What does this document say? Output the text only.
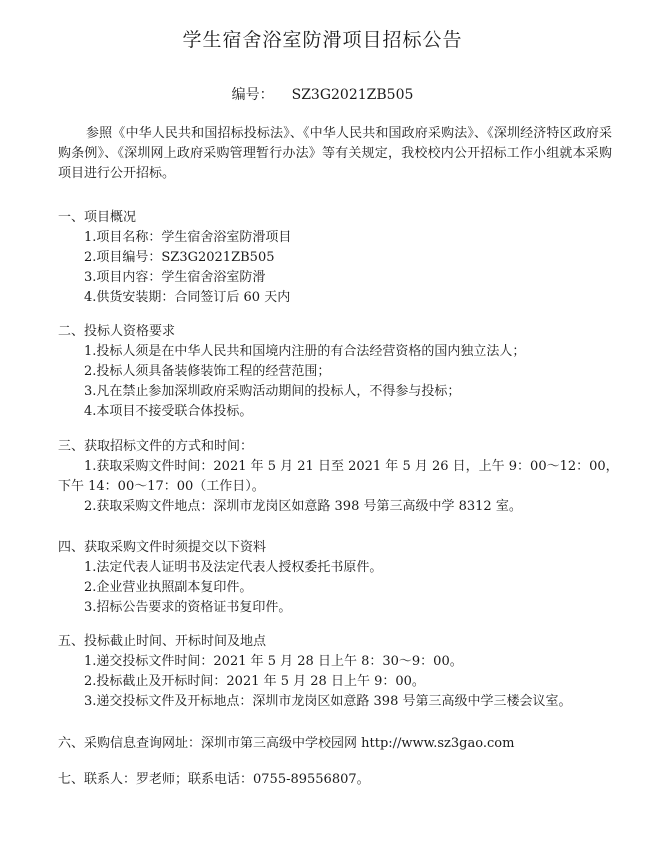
学生宿舍浴室防滑项目招标公告
编号： SZ3G2021ZB505

参照《中华人民共和国招标投标法》、《中华人民共和国政府采购法》、《深圳经济特区政府采购条例》、《深圳网上政府采购管理暂行办法》等有关规定，我校校内公开招标工作小组就本采购项目进行公开招标。

一、项目概况
1.项目名称：学生宿舍浴室防滑项目
2.项目编号：SZ3G2021ZB505
3.项目内容：学生宿舍浴室防滑
4.供货安装期：合同签订后 60 天内
二、投标人资格要求
1.投标人须是在中华人民共和国境内注册的有合法经营资格的国内独立法人；
2.投标人须具备装修装饰工程的经营范围；
3.凡在禁止参加深圳政府采购活动期间的投标人，不得参与投标；
4.本项目不接受联合体投标。
三、获取招标文件的方式和时间：
1.获取采购文件时间：2021 年 5 月 21 日至 2021 年 5 月 26 日，上午 9：00～12：00，
下午 14：00～17：00（工作日）。
2.获取采购文件地点：深圳市龙岗区如意路 398 号第三高级中学 8312 室。
四、获取采购文件时须提交以下资料
1.法定代表人证明书及法定代表人授权委托书原件。
2.企业营业执照副本复印件。
3.招标公告要求的资格证书复印件。
五、投标截止时间、开标时间及地点
1.递交投标文件时间：2021 年 5 月 28 日上午 8：30～9：00。
2.投标截止及开标时间：2021 年 5 月 28 日上午 9：00。
3.递交投标文件及开标地点：深圳市龙岗区如意路 398 号第三高级中学三楼会议室。
六、采购信息查询网址：深圳市第三高级中学校园网 http://www.sz3gao.com
七、联系人：罗老师；联系电话：0755-89556807。
